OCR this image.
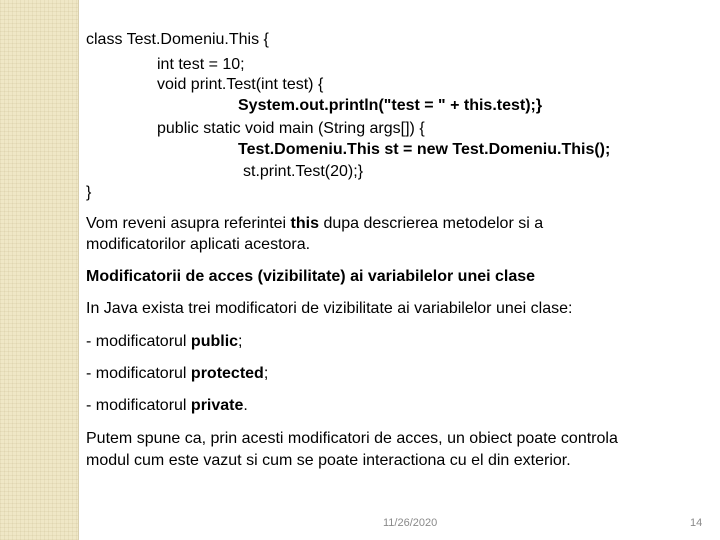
class Test.Domeniu.This {
int test = 10;
void print.Test(int test) {
System.out.println("test = " + this.test);}
public static void main (String args[]) {
Test.Domeniu.This st = new Test.Domeniu.This();
st.print.Test(20);}
}
Vom reveni asupra referintei this dupa descrierea metodelor si a
modificatorilor aplicati acestora.
Modificatorii de acces (vizibilitate) ai variabilelor unei clase
In Java exista trei modificatori de vizibilitate ai variabilelor unei clase:
- modificatorul public;
- modificatorul protected;
- modificatorul private.
Putem spune ca, prin acesti modificatori de acces, un obiect poate controla
modul cum este vazut si cum se poate interactiona cu el din exterior.
11/26/2020	14
